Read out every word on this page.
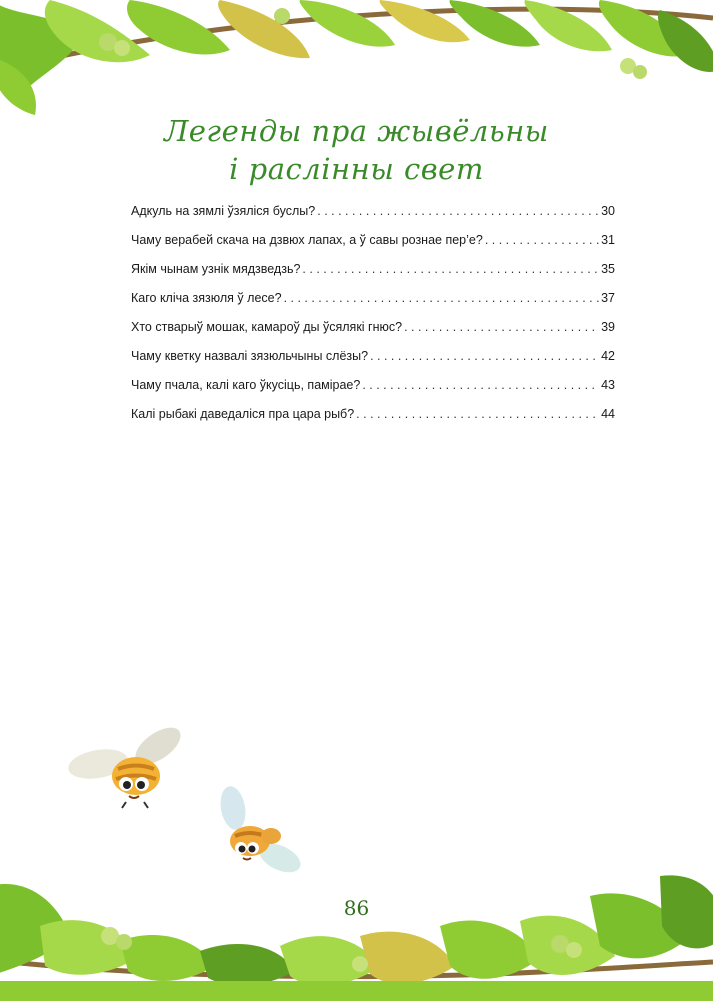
Легенды пра жывёльны
і раслінны свет
Адкуль на зямлі ўзяліся буслы? . . .	30
Чаму верабей скача на дзвюх лапах, а ў савы рознае пер’е? . . .	31
Якім чынам узнік мядзведзь? . . .	35
Каго кліча зязюля ў лесе? . . .	37
Хто стварыў мошак, камароў ды ўсялякі гнюс? . . .	39
Чаму кветку назвалі зязюльчыны слёзы? . . .	42
Чаму пчала, калі каго ўкусіць, паміраe? . . .	43
Калі рыбакі даведаліся пра цара рыб? . . .	44
86
